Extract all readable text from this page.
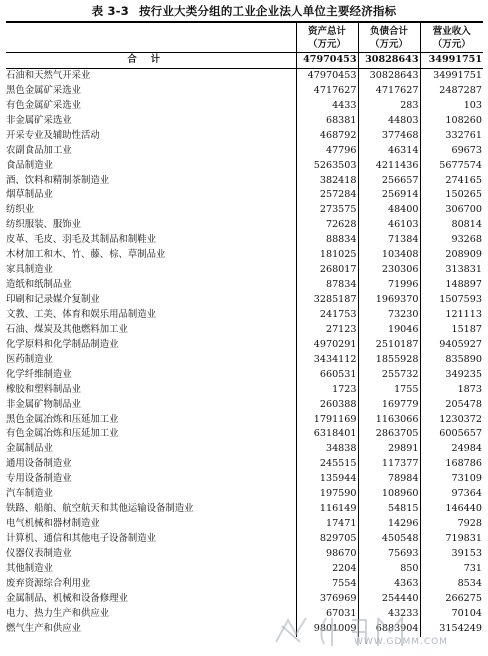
表 3-3 按行业大类分组的工业企业法人单位主要经济指标
	资产总计	负债合计	营业收入
	（万元）	（万元）	（万元）
合计	47970453	30828643	34991751
石油和天然气开采业	47970453	30828643	34991751
黑色金属矿采选业	4717627	4717627	2487287
有色金属矿采选业	4433	283	103
非金属矿采选业	68381	44803	108260
开采专业及辅助性活动	468792	377468	332761
农副食品加工业	47796	46314	69673
食品制造业	5263503	4211436	5677574
酒、饮料和精制茶制造业	382418	256657	274165
烟草制品业	257284	256914	150265
纺织业	273575	48400	306700
纺织服装、服饰业	72628	46103	80814
皮革、毛皮、羽毛及其制品和制鞋业	88834	71384	93268
木材加工和木、竹、藤、棕、草制品业	181025	103408	208909
家具制造业	268017	230306	313831
造纸和纸制品业	87834	71996	148897
印刷和记录媒介复制业	3285187	1969370	1507593
文教、工美、体育和娱乐用品制造业	241753	73230	121113
石油、煤炭及其他燃料加工业	27123	19046	15187
化学原料和化学制品制造业	4970291	2510187	9405927
医药制造业	3434112	1855928	835890
化学纤维制造业	660531	255732	349235
橡胶和塑料制品业	1723	1755	1873
非金属矿物制品业	260388	169779	205478
黑色金属冶炼和压延加工业	1791169	1163066	1230372
有色金属冶炼和压延加工业	6318401	2863705	6005657
金属制品业	34838	29891	24984
通用设备制造业	245515	117377	168786
专用设备制造业	135944	78984	73109
汽车制造业	197590	108960	97364
铁路、船舶、航空航天和其他运输设备制造业	116149	54815	146440
电气机械和器材制造业	17471	14296	7928
计算机、通信和其他电子设备制造业	829705	450548	719831
仪器仪表制造业	98670	75693	39153
其他制造业	2204	850	731
废弃资源综合利用业	7554	4363	8534
金属制品、机械和设备修理业	376969	254440	266275
电力、热力生产和供应业	67031	43233	70104
燃气生产和供应业	9801009	6883904	3154249
WWW.GDMM.COM
